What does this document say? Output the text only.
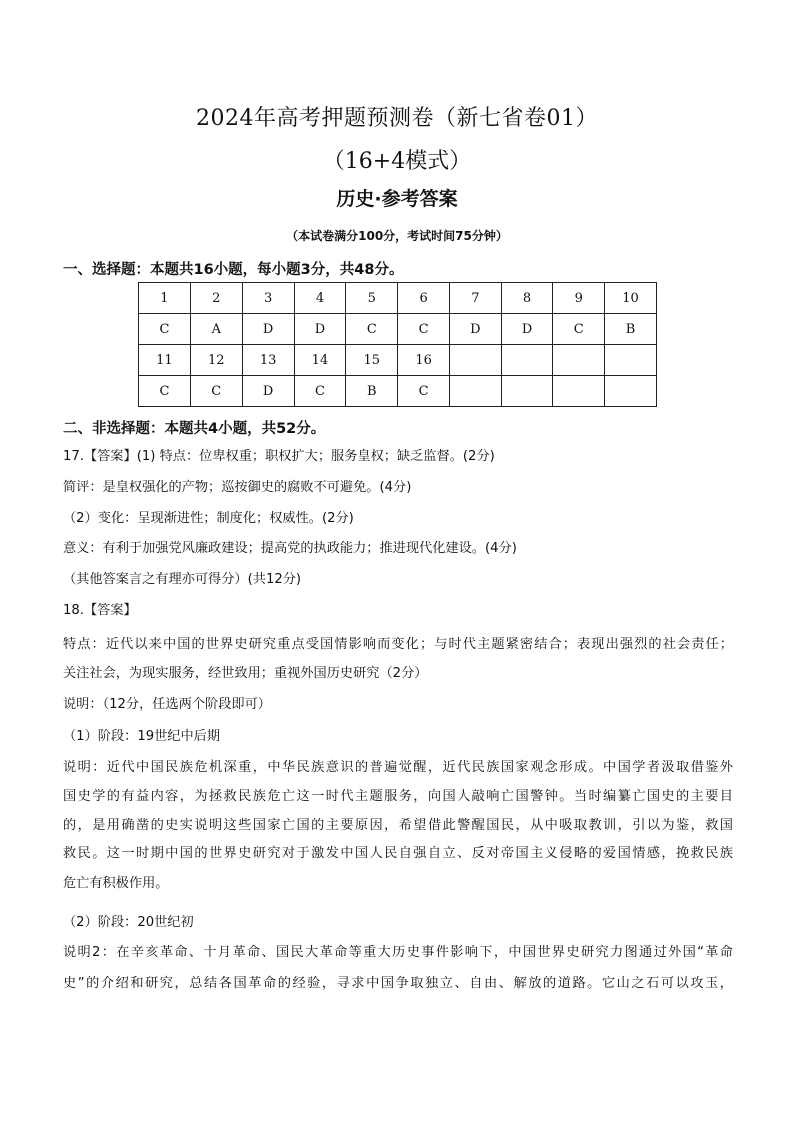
2024年高考押题预测卷（新七省卷01）
（16+4模式）
历史·参考答案
（本试卷满分100分，考试时间75分钟）
一、选择题：本题共16小题，每小题3分，共48分。
1	2	3	4	5	6	7	8	9	10
C	A	D	D	C	C	D	D	C	B
11	12	13	14	15	16				
C	C	D	C	B	C				
二、非选择题：本题共4小题，共52分。
17.【答案】(1) 特点：位卑权重；职权扩大；服务皇权；缺乏监督。(2分)
简评：是皇权强化的产物；巡按御史的腐败不可避免。(4分)
（2）变化：呈现渐进性；制度化；权威性。(2分)
意义：有利于加强党风廉政建设；提高党的执政能力；推进现代化建设。(4分)
（其他答案言之有理亦可得分）(共12分)
18.【答案】
特点：近代以来中国的世界史研究重点受国情影响而变化；与时代主题紧密结合；表现出强烈的社会责任；
关注社会，为现实服务，经世致用；重视外国历史研究（2分）
说明：（12分，任选两个阶段即可）
（1）阶段：19世纪中后期
说明：近代中国民族危机深重，中华民族意识的普遍觉醒，近代民族国家观念形成。中国学者汲取借鉴外
国史学的有益内容，为拯救民族危亡这一时代主题服务，向国人敲响亡国警钟。当时编纂亡国史的主要目
的，是用确凿的史实说明这些国家亡国的主要原因，希望借此警醒国民，从中吸取教训，引以为鉴，救国
救民。这一时期中国的世界史研究对于激发中国人民自强自立、反对帝国主义侵略的爱国情感，挽救民族
危亡有积极作用。
（2）阶段：20世纪初
说明2：在辛亥革命、十月革命、国民大革命等重大历史事件影响下，中国世界史研究力图通过外国“革命
史”的介绍和研究，总结各国革命的经验，寻求中国争取独立、自由、解放的道路。它山之石可以攻玉，
